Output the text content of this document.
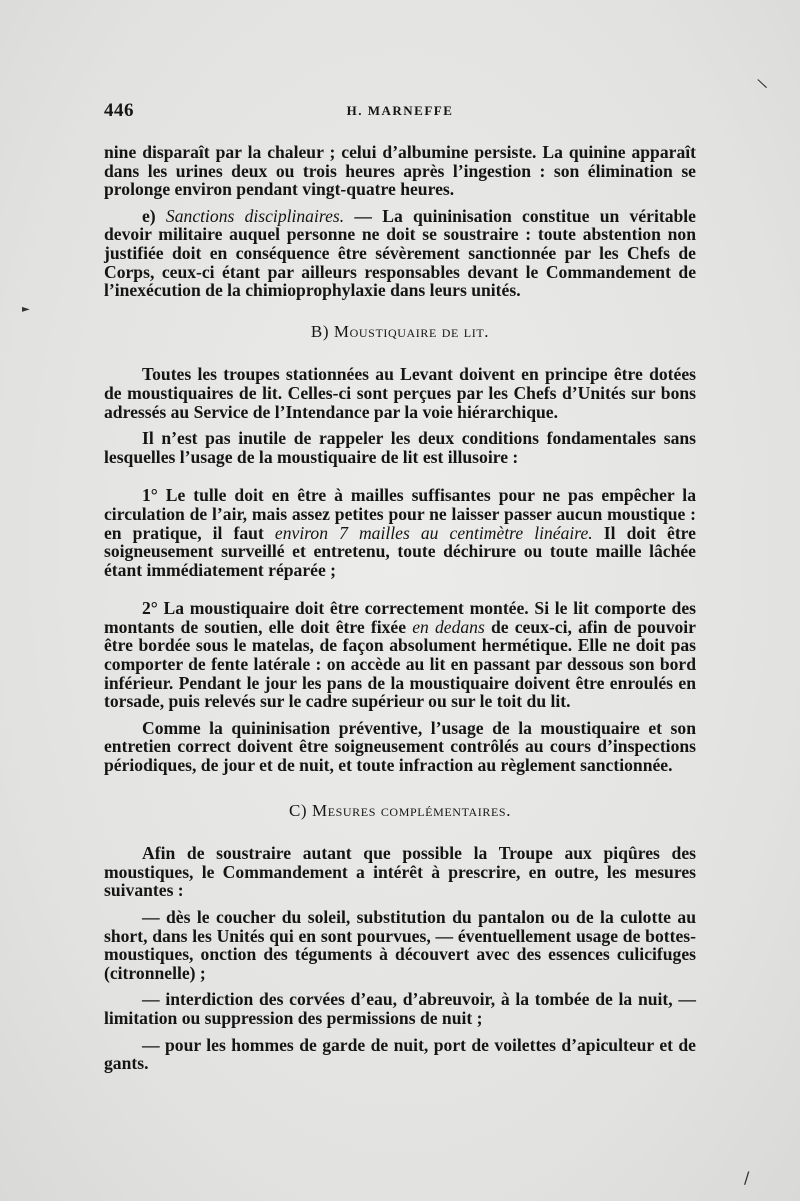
446	H. MARNEFFE

nine disparaît par la chaleur ; celui d’albumine persiste. La quinine apparaît dans les urines deux ou trois heures après l’ingestion : son élimination se prolonge environ pendant vingt-quatre heures.

e) Sanctions disciplinaires. — La quininisation constitue un véritable devoir militaire auquel personne ne doit se soustraire : toute abstention non justifiée doit en conséquence être sévèrement sanctionnée par les Chefs de Corps, ceux-ci étant par ailleurs responsables devant le Commandement de l’inexécution de la chimioprophylaxie dans leurs unités.

B) Moustiquaire de lit.

Toutes les troupes stationnées au Levant doivent en principe être dotées de moustiquaires de lit. Celles-ci sont perçues par les Chefs d’Unités sur bons adressés au Service de l’Intendance par la voie hiérarchique.

Il n’est pas inutile de rappeler les deux conditions fondamentales sans lesquelles l’usage de la moustiquaire de lit est illusoire :

1° Le tulle doit en être à mailles suffisantes pour ne pas empêcher la circulation de l’air, mais assez petites pour ne laisser passer aucun moustique : en pratique, il faut environ 7 mailles au centimètre linéaire. Il doit être soigneusement surveillé et entretenu, toute déchirure ou toute maille lâchée étant immédiatement réparée ;

2° La moustiquaire doit être correctement montée. Si le lit comporte des montants de soutien, elle doit être fixée en dedans de ceux-ci, afin de pouvoir être bordée sous le matelas, de façon absolument hermétique. Elle ne doit pas comporter de fente latérale : on accède au lit en passant par dessous son bord inférieur. Pendant le jour les pans de la moustiquaire doivent être enroulés en torsade, puis relevés sur le cadre supérieur ou sur le toit du lit.

Comme la quininisation préventive, l’usage de la moustiquaire et son entretien correct doivent être soigneusement contrôlés au cours d’inspections périodiques, de jour et de nuit, et toute infraction au règlement sanctionnée.

C) Mesures complémentaires.

Afin de soustraire autant que possible la Troupe aux piqûres des moustiques, le Commandement a intérêt à prescrire, en outre, les mesures suivantes :

— dès le coucher du soleil, substitution du pantalon ou de la culotte au short, dans les Unités qui en sont pourvues, — éventuellement usage de bottes-moustiques, onction des téguments à découvert avec des essences culicifuges (citronnelle) ;

— interdiction des corvées d’eau, d’abreuvoir, à la tombée de la nuit, — limitation ou suppression des permissions de nuit ;

— pour les hommes de garde de nuit, port de voilettes d’apiculteur et de gants.

►
\
/
